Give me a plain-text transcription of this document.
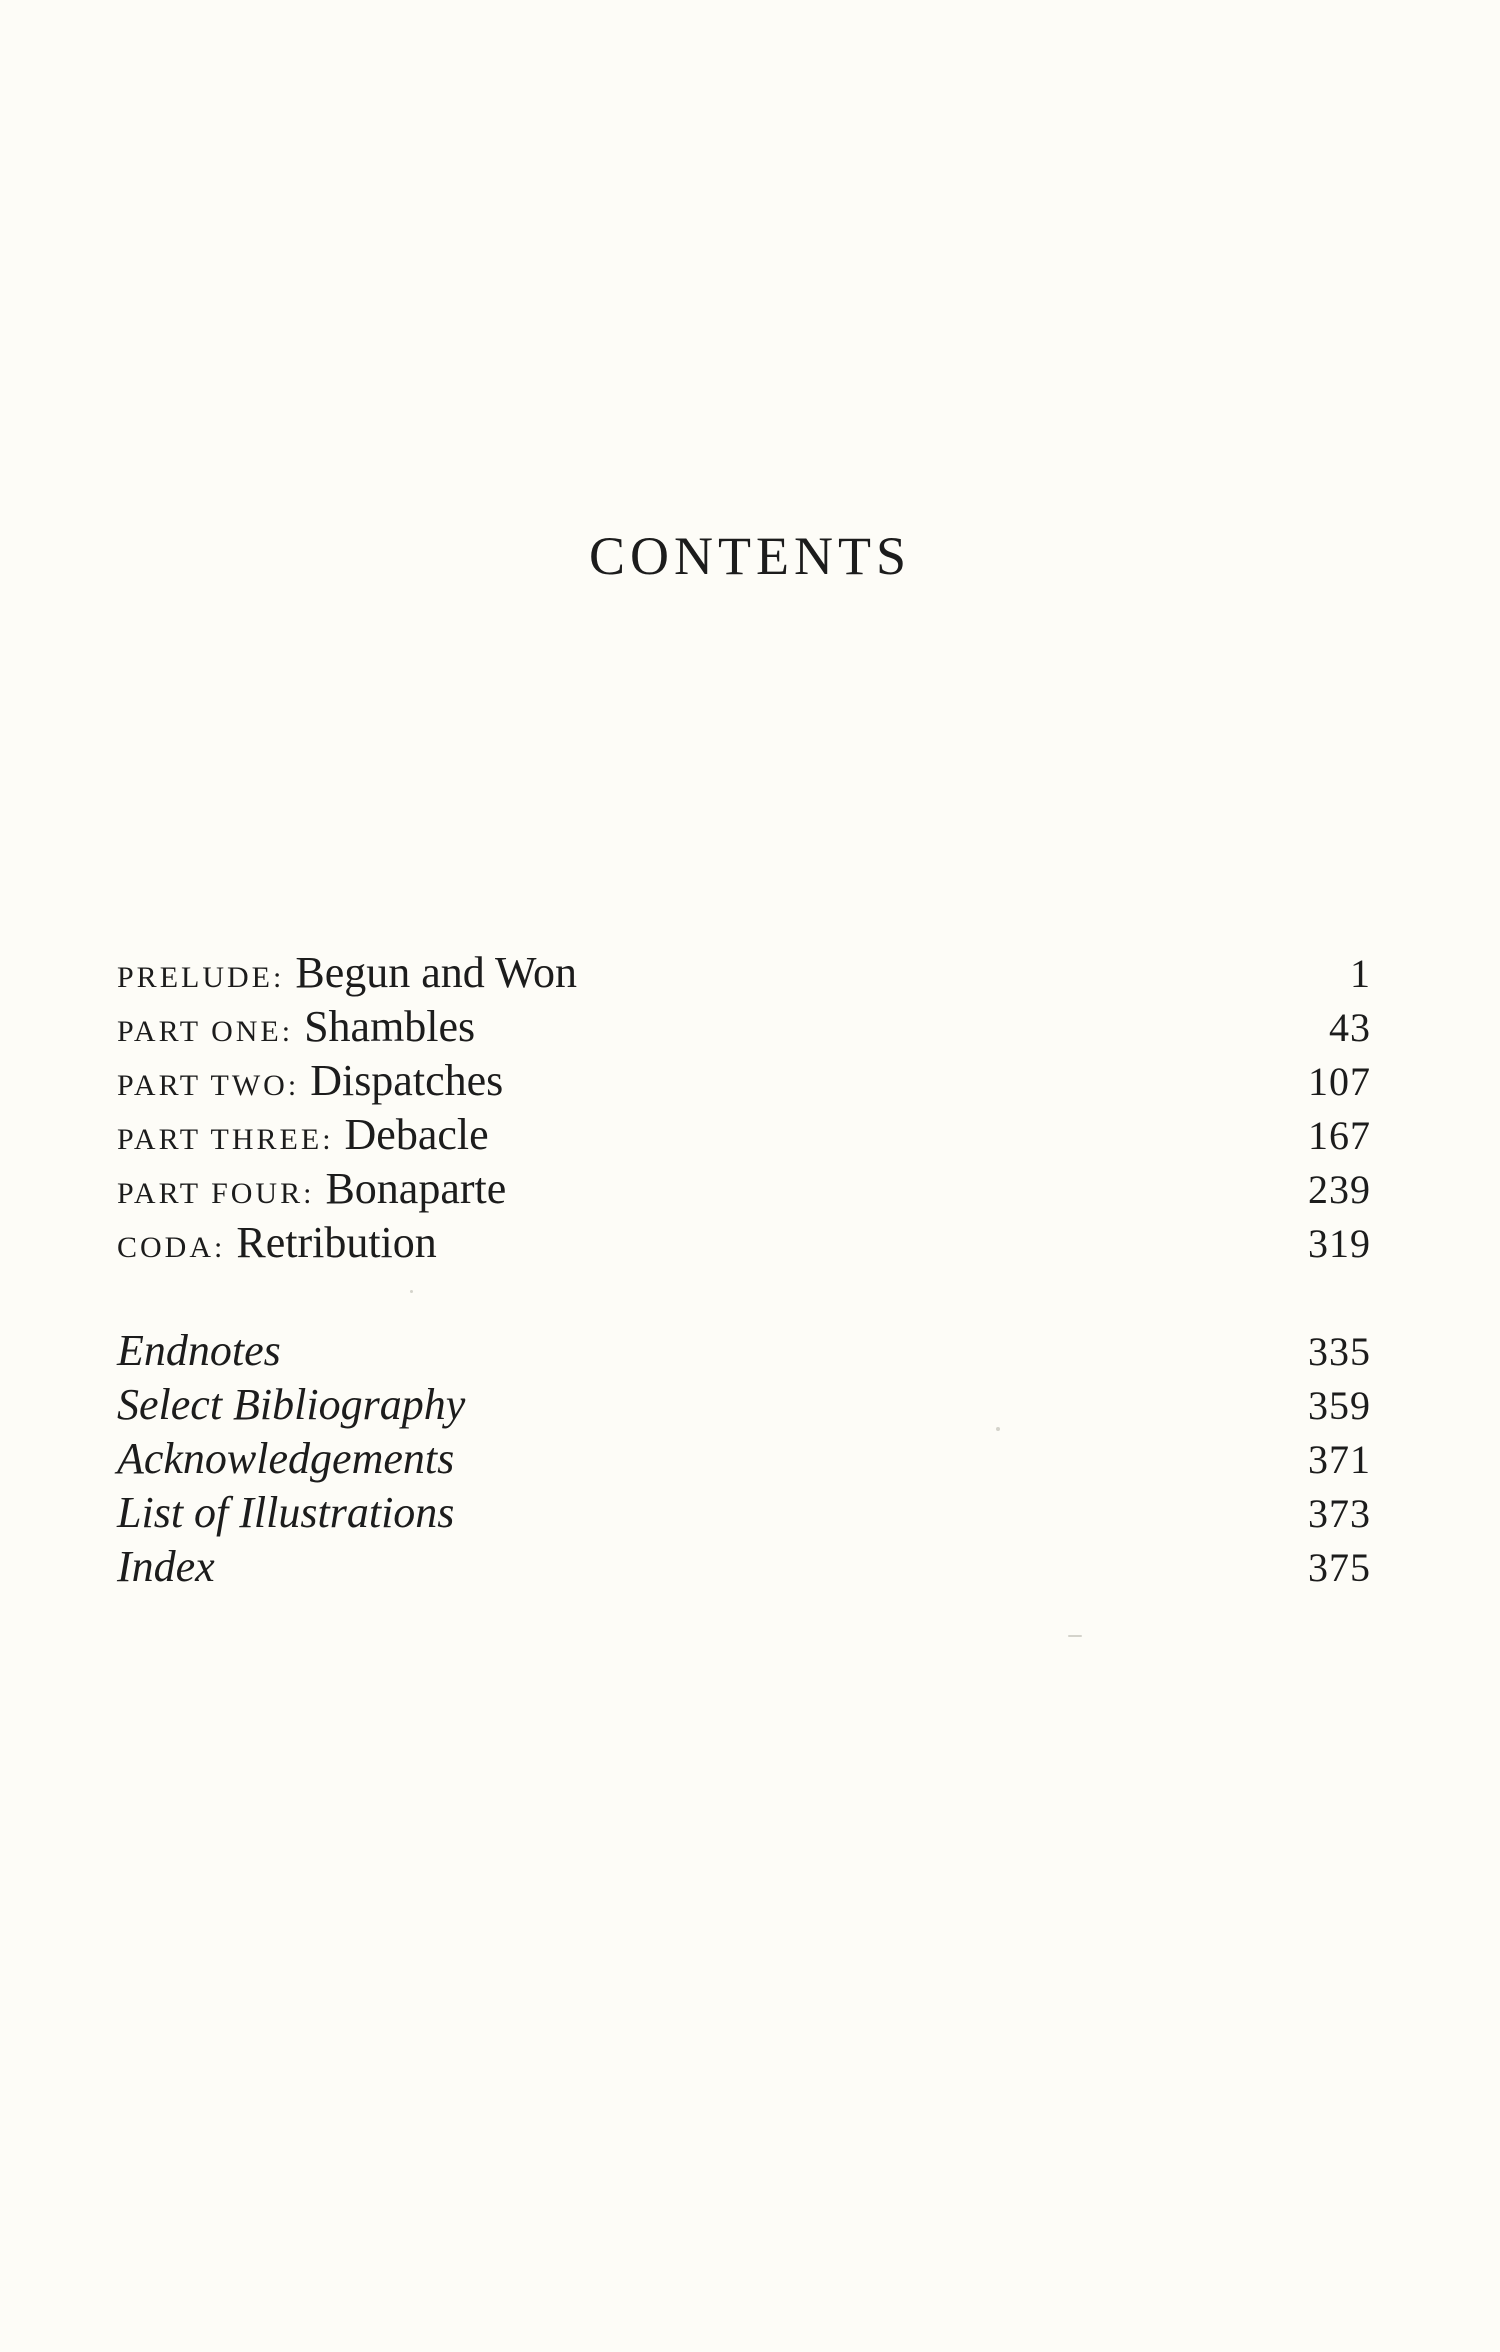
CONTENTS
PRELUDE: Begun and Won	1
PART ONE: Shambles	43
PART TWO: Dispatches	107
PART THREE: Debacle	167
PART FOUR: Bonaparte	239
CODA: Retribution	319
Endnotes	335
Select Bibliography	359
Acknowledgements	371
List of Illustrations	373
Index	375
